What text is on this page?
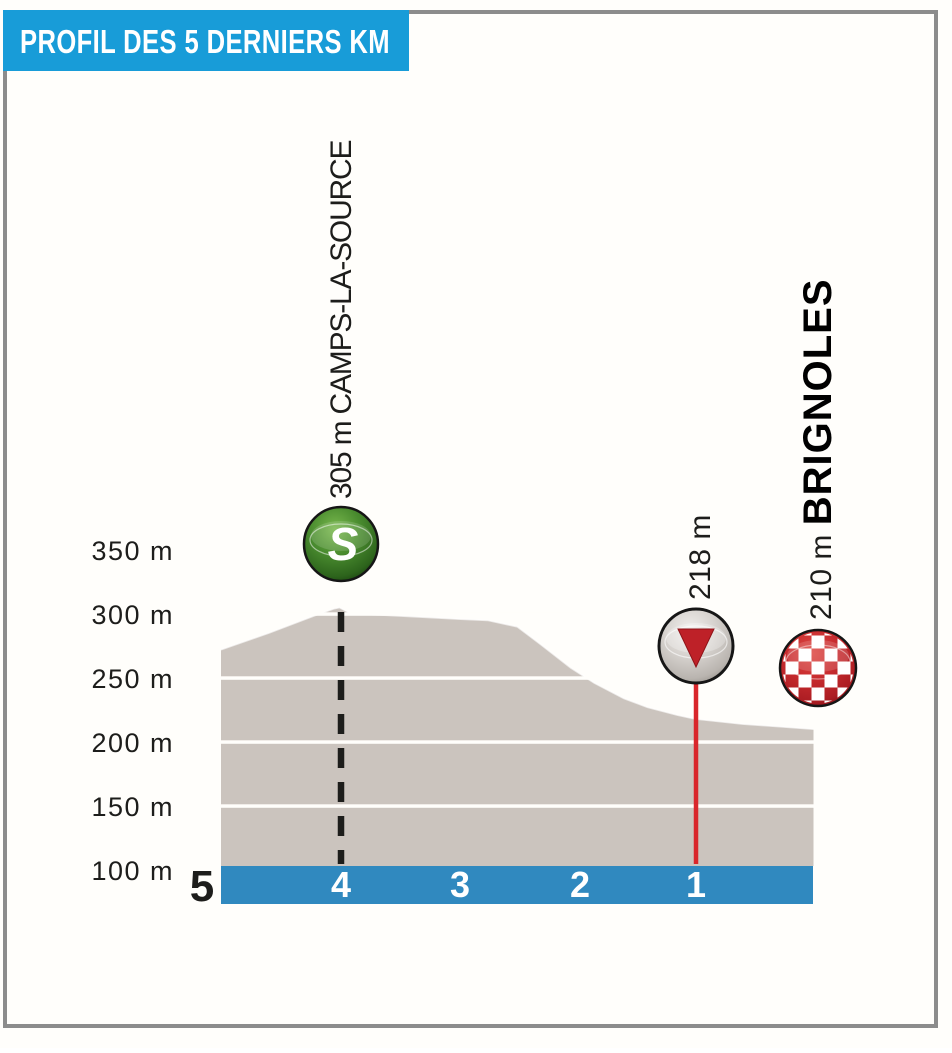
PROFIL DES 5 DERNIERS KM
350 m
300 m
250 m
200 m
150 m
100 m 5	4	3	2	1
305 m CAMPS-LA-SOURCE
218 m	210 m BRIGNOLES
S
